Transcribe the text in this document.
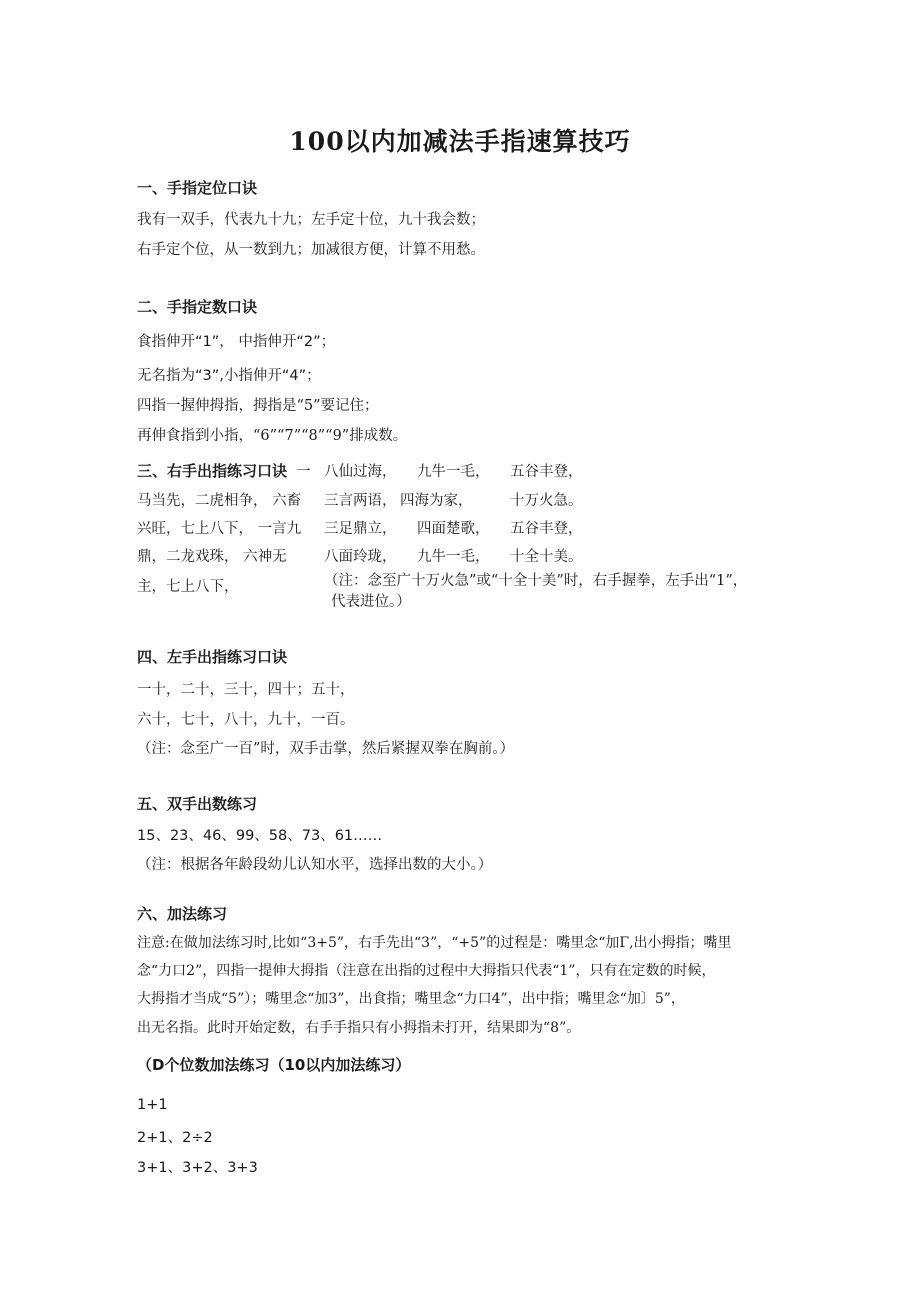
100以内加减法手指速算技巧
一、手指定位口诀
我有一双手，代表九十九；左手定十位，九十我会数；
右手定个位，从一数到九；加减很方便，计算不用愁。
二、手指定数口诀
食指伸开“1”， 中指伸开“2”；
无名指为“3”,小指伸开“4”；
四指一握伸拇指，拇指是“5”要记住；
再伸食指到小指，“6”“7”“8”“9”排成数。
三、右手出指练习口诀 一
马当先，二虎相争， 六畜
兴旺，七上八下， 一言九
鼎，二龙戏珠， 六神无
主，七上八下，
八仙过海，
三言两语，
三足鼎立，
八面玲珑，
九牛一毛，
四海为家，
四面楚歌，
九牛一毛，
五谷丰登，
十万火急。
五谷丰登，
十全十美。
（注：念至广十万火急”或“十全十美”时，右手握拳，左手出“1”，
代表进位。）
四、左手出指练习口诀
一十，二十，三十，四十；五十，
六十，七十，八十，九十，一百。
（注：念至广一百”时，双手击掌，然后紧握双拳在胸前。）
五、双手出数练习
15、23、46、99、58、73、61……
（注：根据各年龄段幼儿认知水平，选择出数的大小。）
六、加法练习
注意:在做加法练习时,比如“3+5”，右手先出“3”，“+5”的过程是：嘴里念“加Γ,出小拇指；嘴里
念“力口2”，四指一提伸大拇指（注意在出指的过程中大拇指只代表“1”，只有在定数的时候，
大拇指才当成“5”）；嘴里念“加3”，出食指；嘴里念“力口4”，出中指；嘴里念“加〕5”，
出无名指。此时开始定数，右手手指只有小拇指未打开，结果即为“8”。
（D个位数加法练习（10以内加法练习）
1+1
2+1、2÷2
3+1、3+2、3+3
